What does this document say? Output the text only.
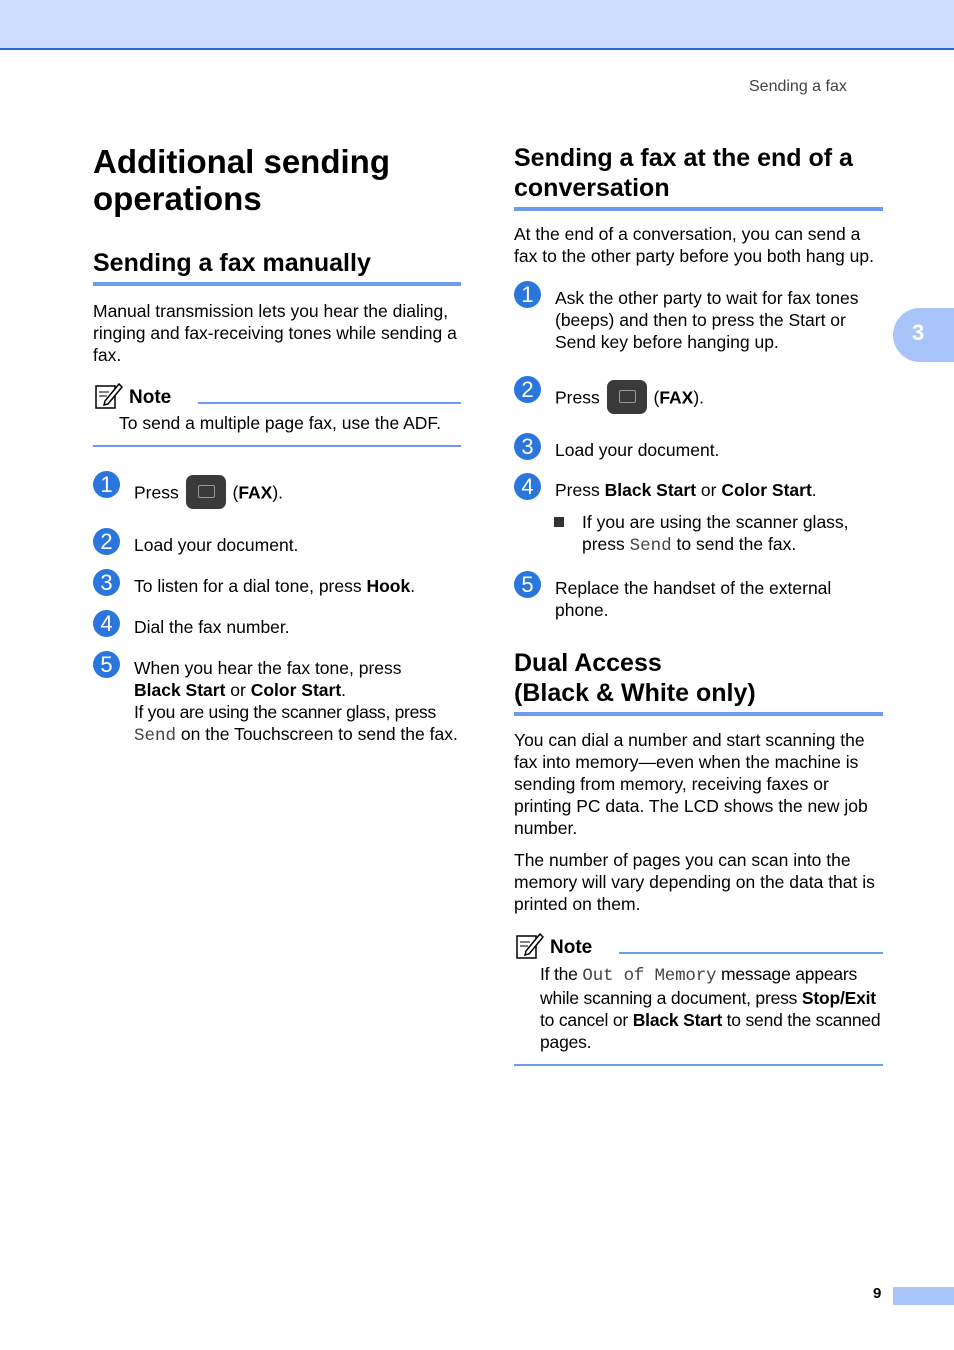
Sending a fax
3
9
Additional sending operations
Sending a fax manually

Manual transmission lets you hear the dialing, ringing and fax-receiving tones while sending a fax.

Note

To send a multiple page fax, use the ADF.

1	Press	(FAX).
2	Load your document.
3	To listen for a dial tone, press Hook.
4	Dial the fax number.
5	When you hear the fax tone, press
Black Start or Color Start.
If you are using the scanner glass, press
Send on the Touchscreen to send the fax.
Sending a fax at the end of a conversation

At the end of a conversation, you can send a fax to the other party before you both hang up.

1	Ask the other party to wait for fax tones (beeps) and then to press the Start or Send key before hanging up.
2	Press	(FAX).
3	Load your document.
4	Press Black Start or Color Start.
If you are using the scanner glass, press Send to send the fax.
5	Replace the handset of the external phone.
Dual Access
(Black & White only)

You can dial a number and start scanning the fax into memory—even when the machine is sending from memory, receiving faxes or printing PC data. The LCD shows the new job number.

The number of pages you can scan into the memory will vary depending on the data that is printed on them.

Note

If the Out of Memory message appears while scanning a document, press Stop/Exit to cancel or Black Start to send the scanned pages.
